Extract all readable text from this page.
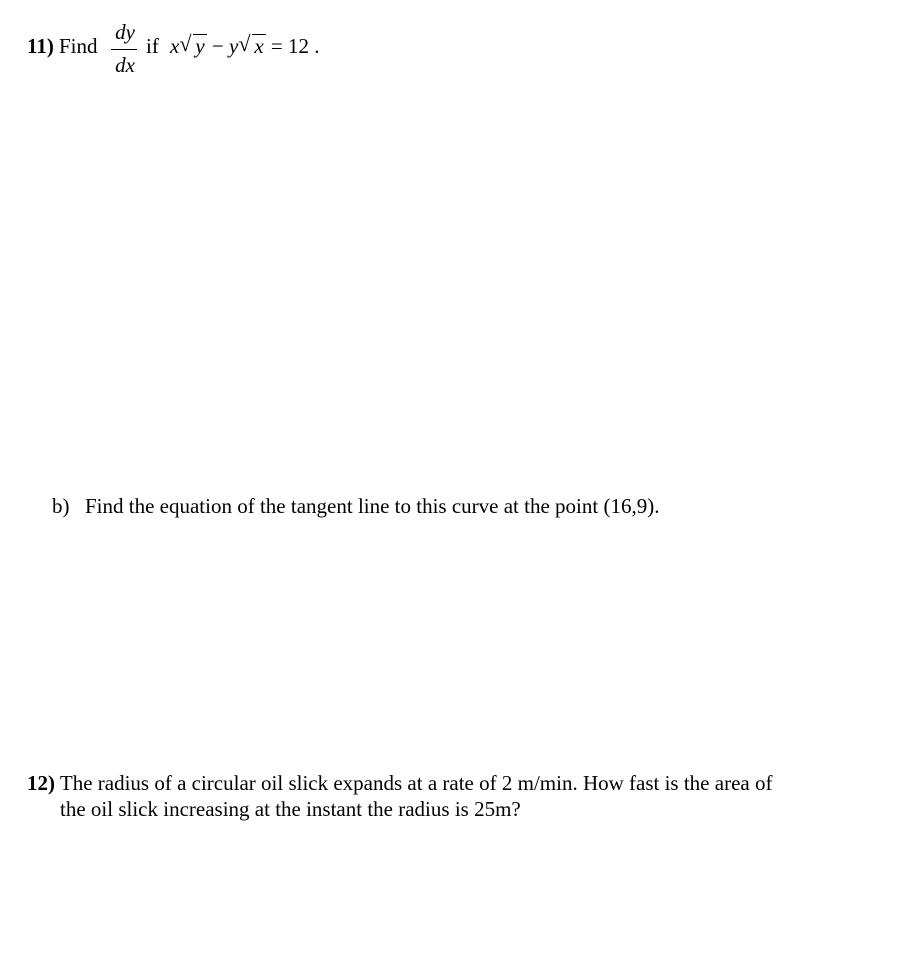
11) Find
dy
dx
if x √ y − y √ x = 12 .
b) Find the equation of the tangent line to this curve at the point (16,9).
12) The radius of a circular oil slick expands at a rate of 2 m/min. How fast is the area of
the oil slick increasing at the instant the radius is 25m?
